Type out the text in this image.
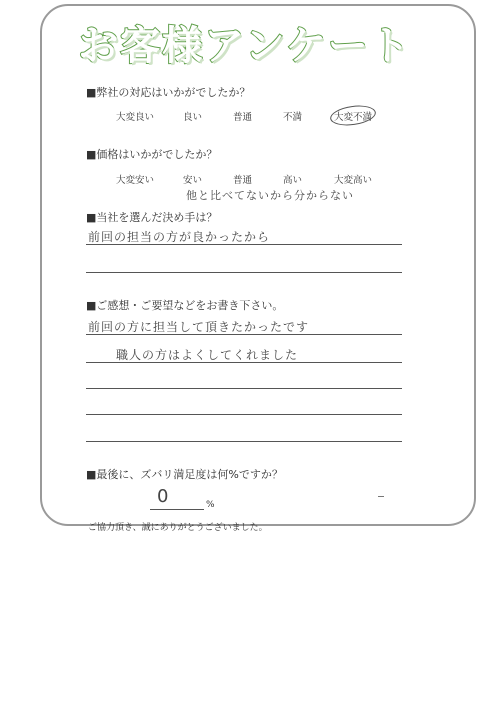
お客様アンケート
■弊社の対応はいかがでしたか？
大変良い	良い	普通	不満	大変不満
■価格はいかがでしたか？
大変安い	安い	普通	高い	大変高い
他と比べてないから分からない
■当社を選んだ決め手は？
前回の担当の方が良かったから
■ご感想・ご要望などをお書き下さい。
前回の方に担当して頂きたかったです
職人の方はよくしてくれました
■最後に、ズバリ満足度は何%ですか？
0	%
ご協力頂き、誠にありがとうございました。
